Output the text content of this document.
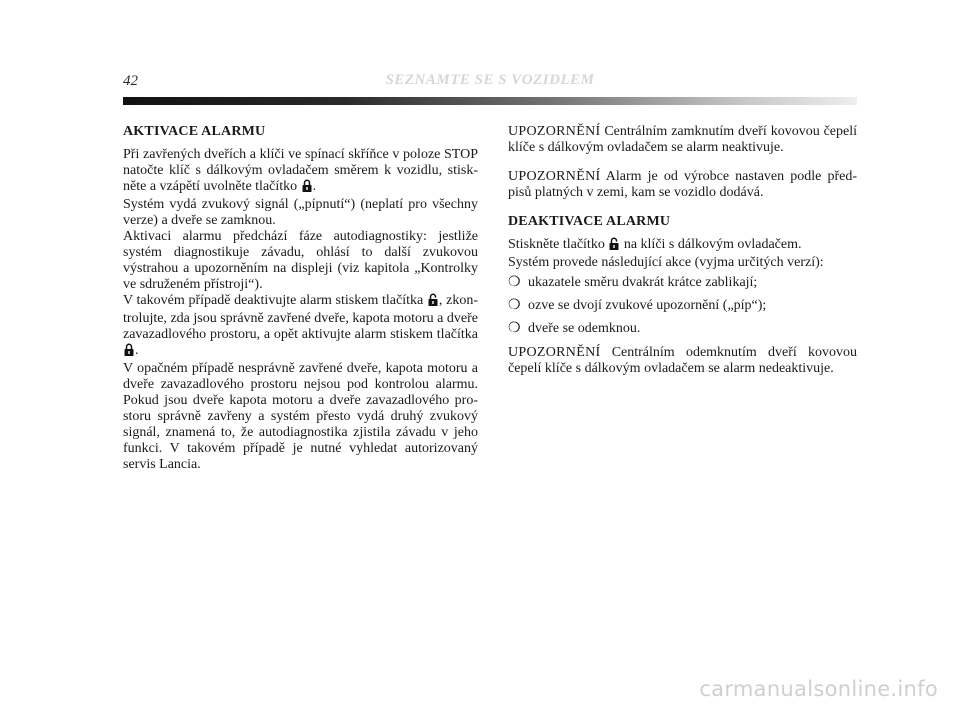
42	SEZNAMTE SE S VOZIDLEM
AKTIVACE ALARMU

Při zavřených dveřích a klíči ve spínací skříňce v poloze STOP natočte klíč s dálkovým ovladačem směrem k vozidlu, stiskněte a vzápětí uvolněte tlačítko .

Systém vydá zvukový signál („pípnutí“) (neplatí pro všechny verze) a dveře se zamknou.

Aktivaci alarmu předchází fáze autodiagnostiky: jestliže systém diagnostikuje závadu, ohlásí to další zvukovou výstrahou a upozorněním na displeji (viz kapitola „Kontrolky ve sdruženém přístroji“).

V takovém případě deaktivujte alarm stiskem tlačítka , zkontrolujte, zda jsou správně zavřené dveře, kapota motoru a dveře zavazadlového prostoru, a opět aktivujte alarm stiskem tlačítka .

V opačném případě nesprávně zavřené dveře, kapota motoru a dveře zavazadlového prostoru nejsou pod kontrolou alarmu. Pokud jsou dveře kapota motoru a dveře zavazadlového prostoru správně zavřeny a systém přesto vydá druhý zvukový signál, znamená to, že autodiagnostika zjistila závadu v jeho funkci. V takovém případě je nutné vyhledat autorizovaný servis Lancia.

UPOZORNĚNÍ Centrálním zamknutím dveří kovovou čepelí klíče s dálkovým ovladačem se alarm neaktivuje.

UPOZORNĚNÍ Alarm je od výrobce nastaven podle předpisů platných v zemi, kam se vozidlo dodává.

DEAKTIVACE ALARMU

Stiskněte tlačítko  na klíči s dálkovým ovladačem.

Systém provede následující akce (vyjma určitých verzí):

❍ ukazatele směru dvakrát krátce zablikají;
❍ ozve se dvojí zvukové upozornění („píp“);
❍ dveře se odemknou.

UPOZORNĚNÍ Centrálním odemknutím dveří kovovou čepelí klíče s dálkovým ovladačem se alarm nedeaktivuje.

carmanualsonline.info
